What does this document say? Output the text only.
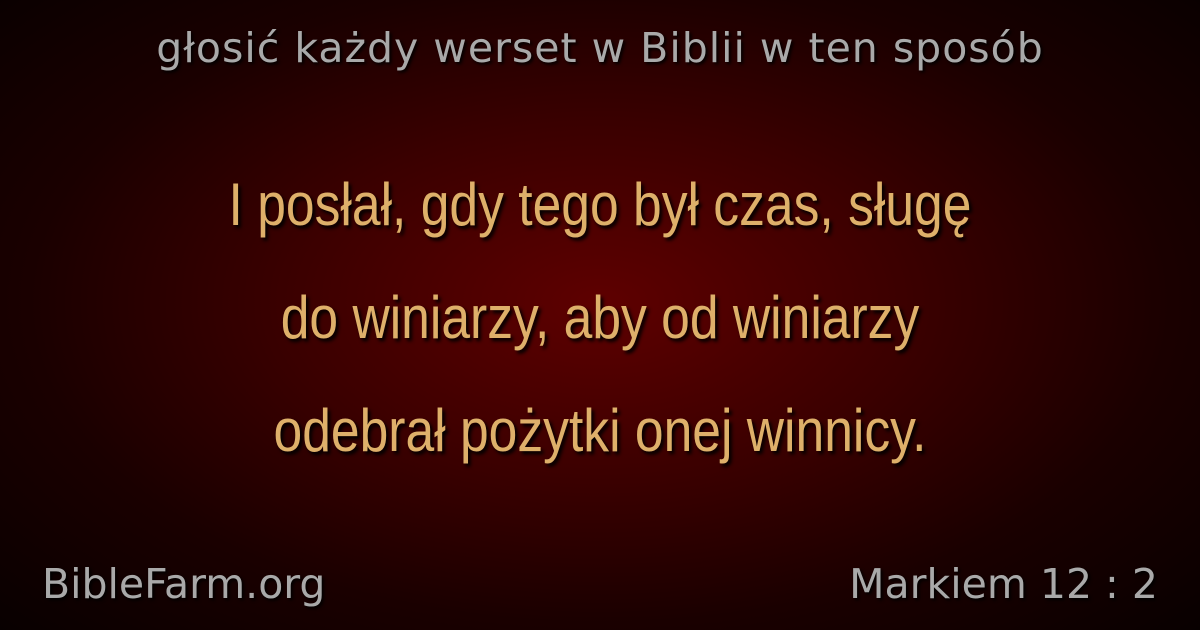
głosić każdy werset w Biblii w ten sposób
I posłał, gdy tego był czas, sługę
do winiarzy, aby od winiarzy
odebrał pożytki onej winnicy.
BibleFarm.org	Markiem 12 : 2
